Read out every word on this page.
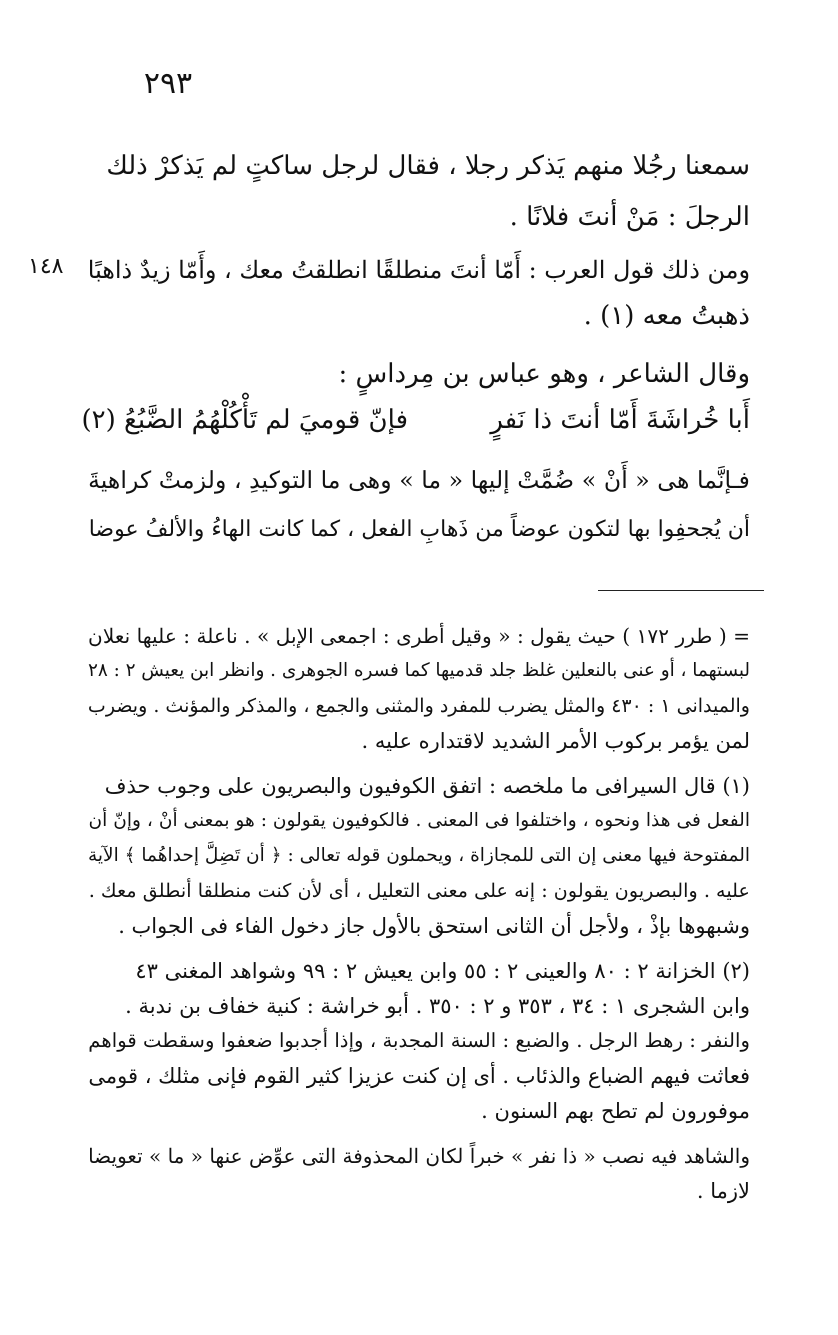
٢٩٣
١٤٨
سمعنا رجُلا منهم يَذكر رجلا ، فقال لرجل ساكتٍ لم يَذكرْ ذلك
الرجلَ : مَنْ أنتَ فلانًا .
ومن ذلك قول العرب : أَمّا أنتَ منطلقًا انطلقتُ معك ، وأَمّا زيدٌ ذاهبًا
ذهبتُ معه (١) .
وقال الشاعر ، وهو عباس بن مِرداسٍ :
أَبا خُراشَةَ أَمّا أنتَ ذا نَفرٍ
فإنّ قوميَ لم تَأْكُلْهُمُ الضَّبُعُ (٢)
فـإنَّما هى « أَنْ » ضُمَّتْ إليها « ما » وهى ما التوكيدِ ، ولزمتْ كراهيةَ
أن يُجحفِوا بها لتكون عوضاً من ذَهابِ الفعل ، كما كانت الهاءُ والألفُ عوضا
= ( طرر ١٧٢ ) حيث يقول : « وقيل أطرى : اجمعى الإبل » . ناعلة : عليها نعلان
لبستهما ، أو عنى بالنعلين غلظ جلد قدميها كما فسره الجوهرى . وانظر ابن يعيش ٢ : ٢٨
والميدانى ١ : ٤٣٠ والمثل يضرب للمفرد والمثنى والجمع ، والمذكر والمؤنث . ويضرب
لمن يؤمر بركوب الأمر الشديد لاقتداره عليه .
(١) قال السيرافى ما ملخصه : اتفق الكوفيون والبصريون على وجوب حذف
الفعل فى هذا ونحوه ، واختلفوا فى المعنى . فالكوفيون يقولون : هو بمعنى أنْ ، وإنّ أن
المفتوحة فيها معنى إن التى للمجازاة ، ويحملون قوله تعالى : ﴿ أن تَضِلَّ إحداهُما ﴾ الآية
عليه . والبصريون يقولون : إنه على معنى التعليل ، أى لأن كنت منطلقا أنطلق معك .
وشبهوها بإذْ ، ولأجل أن الثانى استحق بالأول جاز دخول الفاء فى الجواب .
(٢) الخزانة ٢ : ٨٠ والعينى ٢ : ٥٥ وابن يعيش ٢ : ٩٩ وشواهد المغنى ٤٣
وابن الشجرى ١ : ٣٤ ، ٣٥٣ و ٢ : ٣٥٠ . أبو خراشة : كنية خفاف بن ندبة .
والنفر : رهط الرجل . والضبع : السنة المجدبة ، وإذا أجدبوا ضعفوا وسقطت قواهم
فعاثت فيهم الضباع والذئاب . أى إن كنت عزيزا كثير القوم فإنى مثلك ، قومى
موفورون لم تطح بهم السنون .
والشاهد فيه نصب « ذا نفر » خبراً لكان المحذوفة التى عوِّض عنها « ما » تعويضا
لازما .
